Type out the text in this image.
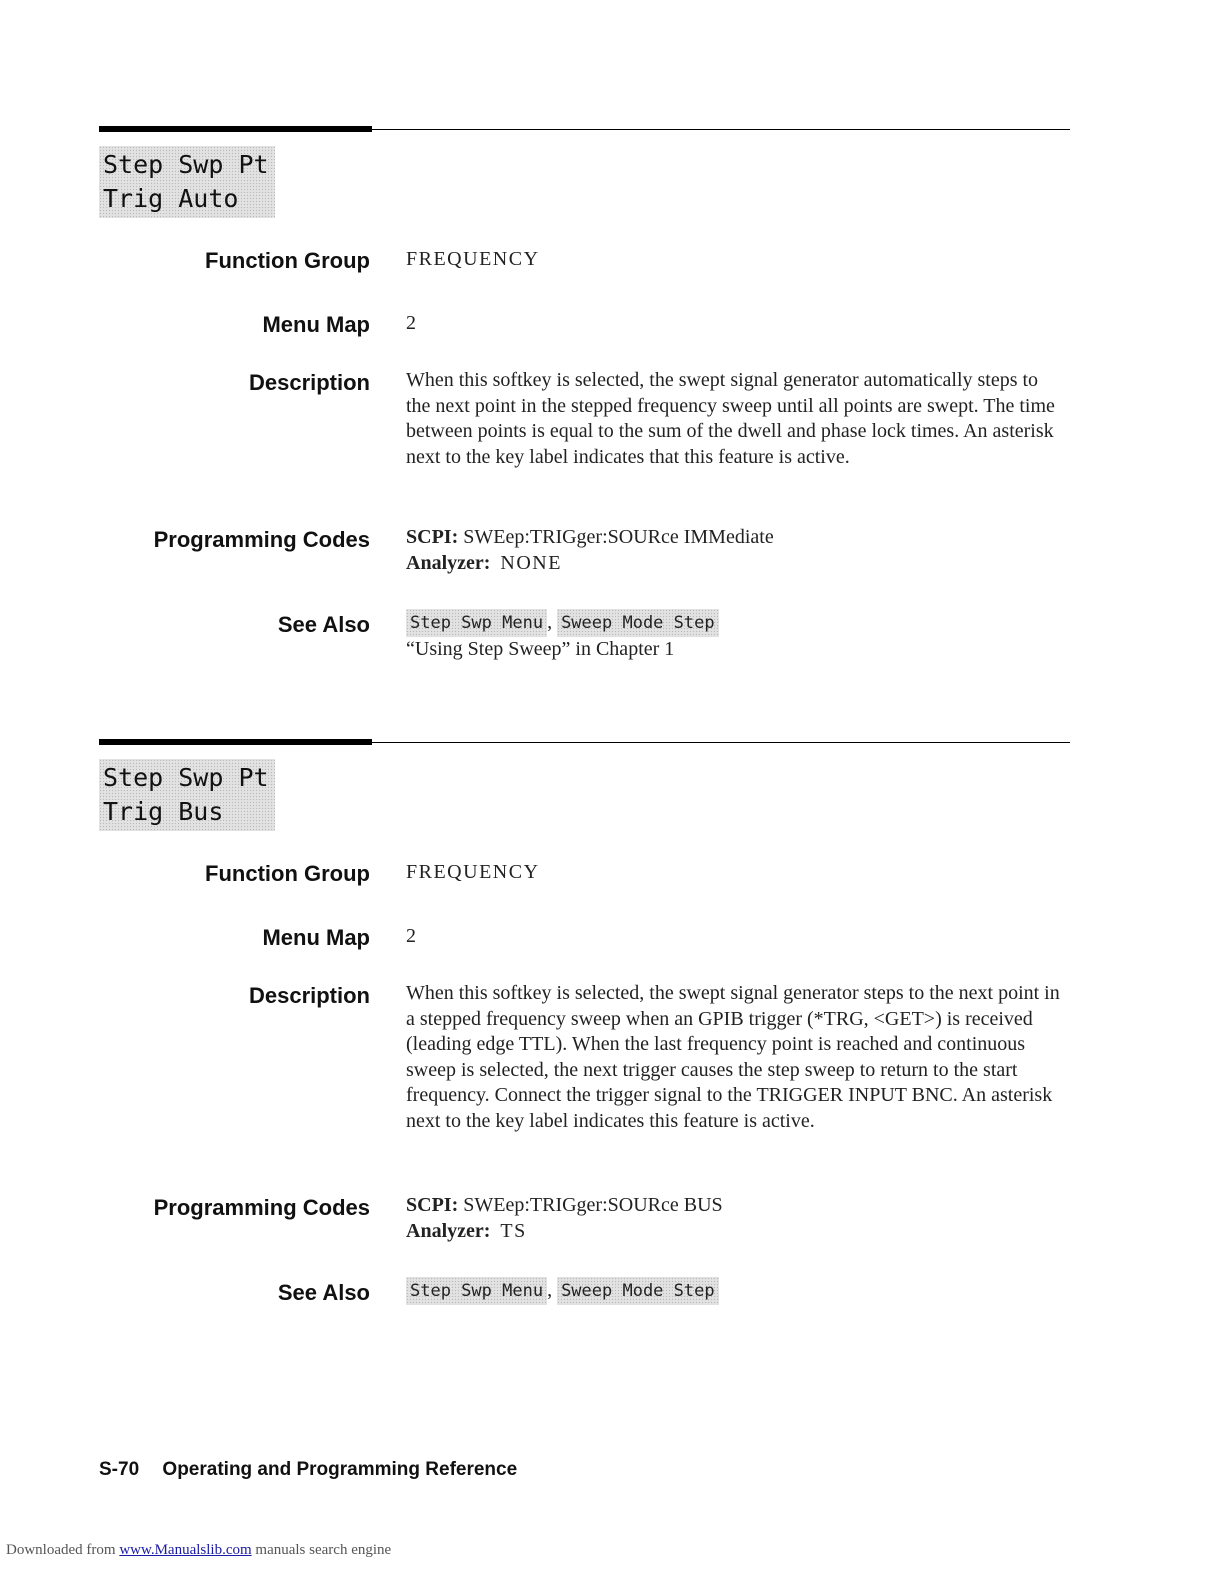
Step Swp Pt
Trig Auto
Function Group FREQUENCY
Menu Map 2
Description When this softkey is selected, the swept signal generator automatically steps to the next point in the stepped frequency sweep until all points are swept. The time between points is equal to the sum of the dwell and phase lock times. An asterisk next to the key label indicates that this feature is active.

Programming Codes SCPI: SWEep:TRIGger:SOURce IMMediate
Analyzer: NONE
See Also Step Swp Menu , Sweep Mode Step
“Using Step Sweep” in Chapter 1
Step Swp Pt
Trig Bus
Function Group FREQUENCY
Menu Map 2
Description When this softkey is selected, the swept signal generator steps to the next point in a stepped frequency sweep when an GPIB trigger (*TRG, <GET>) is received (leading edge TTL). When the last frequency point is reached and continuous sweep is selected, the next trigger causes the step sweep to return to the start frequency. Connect the trigger signal to the TRIGGER INPUT BNC. An asterisk next to the key label indicates this feature is active.

Programming Codes SCPI: SWEep:TRIGger:SOURce BUS
Analyzer: TS
See Also Step Swp Menu , Sweep Mode Step
S-70 Operating and Programming Reference
Downloaded from www.Manualslib.com manuals search engine
